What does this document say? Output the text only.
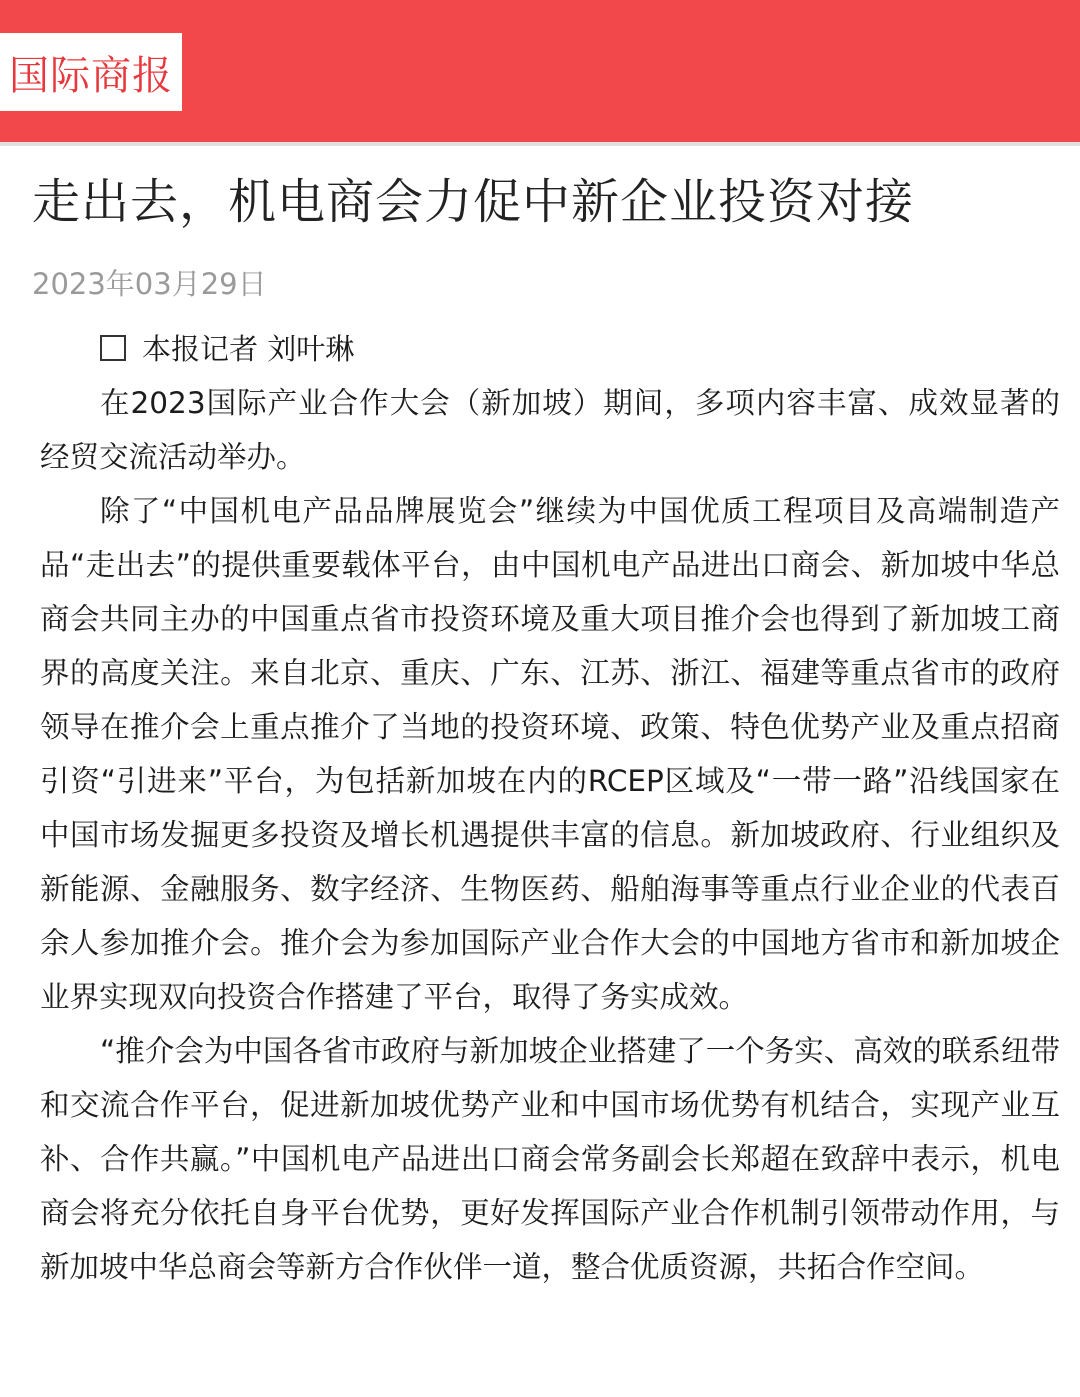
国际商报
走出去，机电商会力促中新企业投资对接
2023年03月29日

本报记者 刘叶琳

在2023国际产业合作大会（新加坡）期间，多项内容丰富、成效显著的经贸交流活动举办。

除了“中国机电产品品牌展览会”继续为中国优质工程项目及高端制造产品“走出去”的提供重要载体平台，由中国机电产品进出口商会、新加坡中华总商会共同主办的中国重点省市投资环境及重大项目推介会也得到了新加坡工商界的高度关注。来自北京、重庆、广东、江苏、浙江、福建等重点省市的政府领导在推介会上重点推介了当地的投资环境、政策、特色优势产业及重点招商引资“引进来”平台，为包括新加坡在内的RCEP区域及“一带一路”沿线国家在中国市场发掘更多投资及增长机遇提供丰富的信息。新加坡政府、行业组织及新能源、金融服务、数字经济、生物医药、船舶海事等重点行业企业的代表百余人参加推介会。推介会为参加国际产业合作大会的中国地方省市和新加坡企业界实现双向投资合作搭建了平台，取得了务实成效。

“推介会为中国各省市政府与新加坡企业搭建了一个务实、高效的联系纽带和交流合作平台，促进新加坡优势产业和中国市场优势有机结合，实现产业互补、合作共赢。”中国机电产品进出口商会常务副会长郑超在致辞中表示，机电商会将充分依托自身平台优势，更好发挥国际产业合作机制引领带动作用，与新加坡中华总商会等新方合作伙伴一道，整合优质资源，共拓合作空间。
